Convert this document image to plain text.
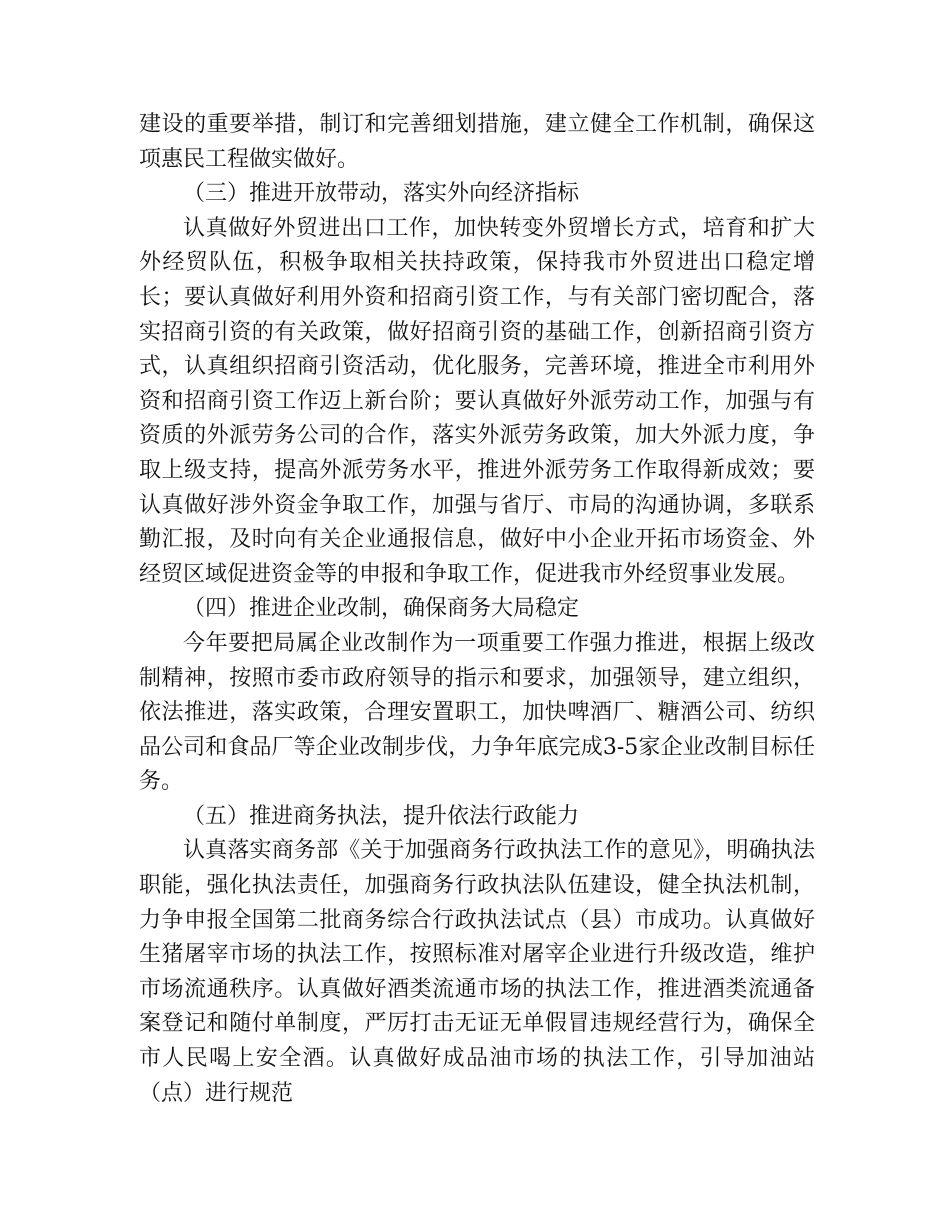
建设的重要举措，制订和完善细划措施，建立健全工作机制，确保这项惠民工程做实做好。

（三）推进开放带动，落实外向经济指标

认真做好外贸进出口工作，加快转变外贸增长方式，培育和扩大外经贸队伍，积极争取相关扶持政策，保持我市外贸进出口稳定增长；要认真做好利用外资和招商引资工作，与有关部门密切配合，落实招商引资的有关政策，做好招商引资的基础工作，创新招商引资方式，认真组织招商引资活动，优化服务，完善环境，推进全市利用外资和招商引资工作迈上新台阶；要认真做好外派劳动工作，加强与有资质的外派劳务公司的合作，落实外派劳务政策，加大外派力度，争取上级支持，提高外派劳务水平，推进外派劳务工作取得新成效；要认真做好涉外资金争取工作，加强与省厅、市局的沟通协调，多联系勤汇报，及时向有关企业通报信息，做好中小企业开拓市场资金、外经贸区域促进资金等的申报和争取工作，促进我市外经贸事业发展。

（四）推进企业改制，确保商务大局稳定

今年要把局属企业改制作为一项重要工作强力推进，根据上级改制精神，按照市委市政府领导的指示和要求，加强领导，建立组织，依法推进，落实政策，合理安置职工，加快啤酒厂、糖酒公司、纺织品公司和食品厂等企业改制步伐，力争年底完成3-5家企业改制目标任务。

（五）推进商务执法，提升依法行政能力

认真落实商务部《关于加强商务行政执法工作的意见》，明确执法职能，强化执法责任，加强商务行政执法队伍建设，健全执法机制，力争申报全国第二批商务综合行政执法试点（县）市成功。认真做好生猪屠宰市场的执法工作，按照标准对屠宰企业进行升级改造，维护市场流通秩序。认真做好酒类流通市场的执法工作，推进酒类流通备案登记和随付单制度，严厉打击无证无单假冒违规经营行为，确保全市人民喝上安全酒。认真做好成品油市场的执法工作，引导加油站（点）进行规范
